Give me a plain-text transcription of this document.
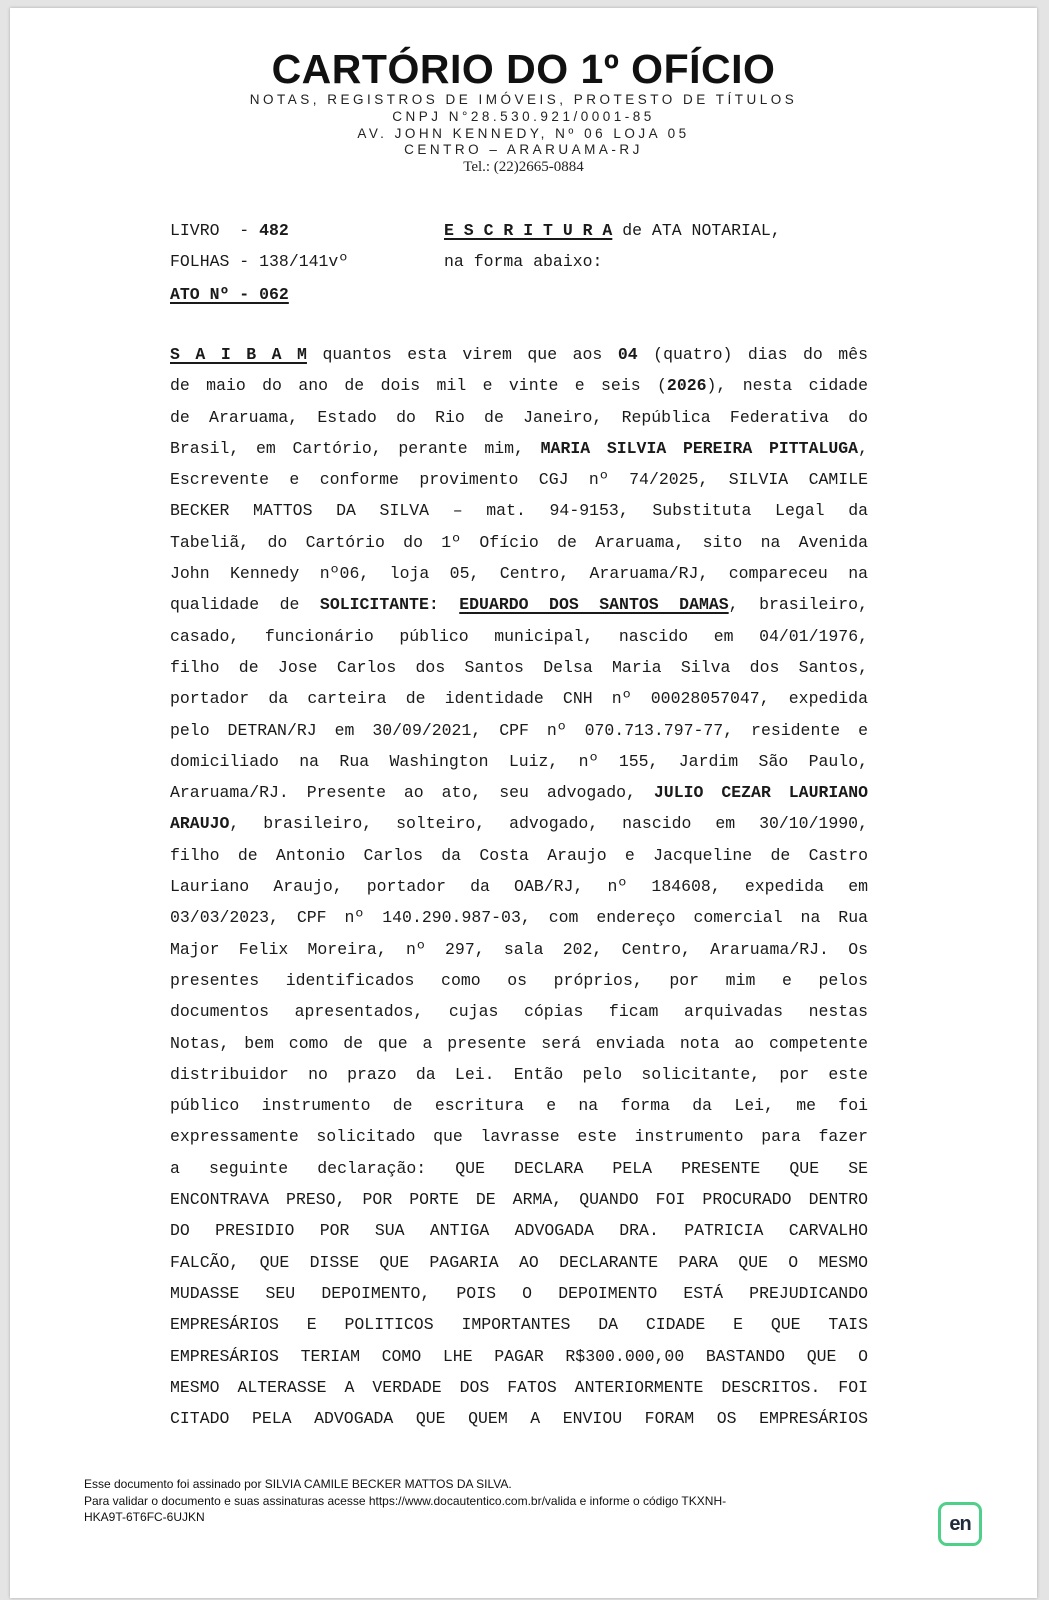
CARTÓRIO DO 1º OFÍCIO
NOTAS, REGISTROS DE IMÓVEIS, PROTESTO DE TÍTULOS
CNPJ N°28.530.921/0001-85
AV. JOHN KENNEDY, Nº 06 LOJA 05
CENTRO – ARARUAMA-RJ
Tel.: (22)2665-0884
LIVRO  - 482
FOLHAS - 138/141vº
ATO Nº - 062
E S C R I T U R A de ATA NOTARIAL,
na forma abaixo:
S A I B A M quantos esta virem que aos 04 (quatro) dias do mês
de maio do ano de dois mil e vinte e seis (2026), nesta cidade
de Araruama, Estado do Rio de Janeiro, República Federativa do
Brasil, em Cartório, perante mim, MARIA SILVIA PEREIRA PITTALUGA,
Escrevente e conforme provimento CGJ nº 74/2025, SILVIA CAMILE
BECKER MATTOS DA SILVA – mat. 94-9153, Substituta Legal da
Tabeliã, do Cartório do 1º Ofício de Araruama, sito na Avenida
John Kennedy nº06, loja 05, Centro, Araruama/RJ, compareceu na
qualidade de SOLICITANTE: EDUARDO DOS SANTOS DAMAS, brasileiro,
casado, funcionário público municipal, nascido em 04/01/1976,
filho de Jose Carlos dos Santos Delsa Maria Silva dos Santos,
portador da carteira de identidade CNH nº 00028057047, expedida
pelo DETRAN/RJ em 30/09/2021, CPF nº 070.713.797-77, residente e
domiciliado na Rua Washington Luiz, nº 155, Jardim São Paulo,
Araruama/RJ. Presente ao ato, seu advogado, JULIO CEZAR LAURIANO
ARAUJO, brasileiro, solteiro, advogado, nascido em 30/10/1990,
filho de Antonio Carlos da Costa Araujo e Jacqueline de Castro
Lauriano Araujo, portador da OAB/RJ, nº 184608, expedida em
03/03/2023, CPF nº 140.290.987-03, com endereço comercial na Rua
Major Felix Moreira, nº 297, sala 202, Centro, Araruama/RJ. Os
presentes identificados como os próprios, por mim e pelos
documentos apresentados, cujas cópias ficam arquivadas nestas
Notas, bem como de que a presente será enviada nota ao competente
distribuidor no prazo da Lei. Então pelo solicitante, por este
público instrumento de escritura e na forma da Lei, me foi
expressamente solicitado que lavrasse este instrumento para fazer
a seguinte declaração: QUE DECLARA PELA PRESENTE QUE SE
ENCONTRAVA PRESO, POR PORTE DE ARMA, QUANDO FOI PROCURADO DENTRO
DO PRESIDIO POR SUA ANTIGA ADVOGADA DRA. PATRICIA CARVALHO
FALCÃO, QUE DISSE QUE PAGARIA AO DECLARANTE PARA QUE O MESMO
MUDASSE SEU DEPOIMENTO, POIS O DEPOIMENTO ESTÁ PREJUDICANDO
EMPRESÁRIOS E POLITICOS IMPORTANTES DA CIDADE E QUE TAIS
EMPRESÁRIOS TERIAM COMO LHE PAGAR R$300.000,00 BASTANDO QUE O
MESMO ALTERASSE A VERDADE DOS FATOS ANTERIORMENTE DESCRITOS. FOI
CITADO PELA ADVOGADA QUE QUEM A ENVIOU FORAM OS EMPRESÁRIOS
Esse documento foi assinado por SILVIA CAMILE BECKER MATTOS DA SILVA.
Para validar o documento e suas assinaturas acesse https://www.docautentico.com.br/valida e informe o código TKXNH-
HKA9T-6T6FC-6UJKN	en
